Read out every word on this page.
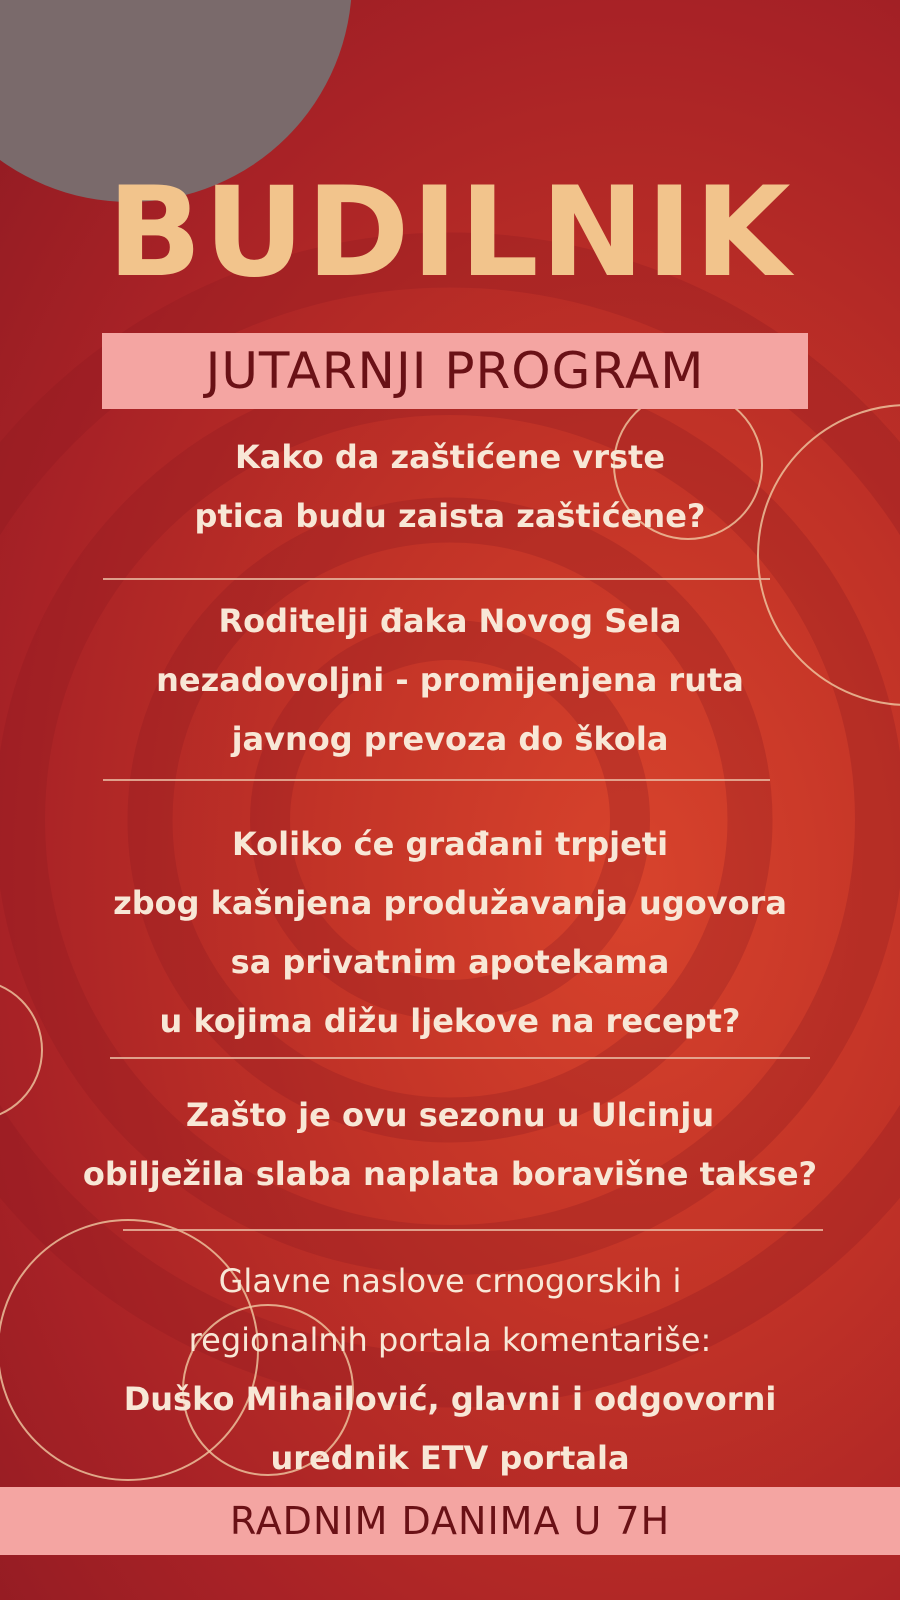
BUDILNIK
JUTARNJI PROGRAM
Kako da zaštićene vrste
ptica budu zaista zaštićene?
Roditelji đaka Novog Sela
nezadovoljni - promijenjena ruta
javnog prevoza do škola
Koliko će građani trpjeti
zbog kašnjena produžavanja ugovora
sa privatnim apotekama
u kojima dižu ljekove na recept?
Zašto je ovu sezonu u Ulcinju
obilježila slaba naplata boravišne takse?
Glavne naslove crnogorskih i
regionalnih portala komentariše:
Duško Mihailović, glavni i odgovorni
urednik ETV portala
RADNIM DANIMA U 7H
